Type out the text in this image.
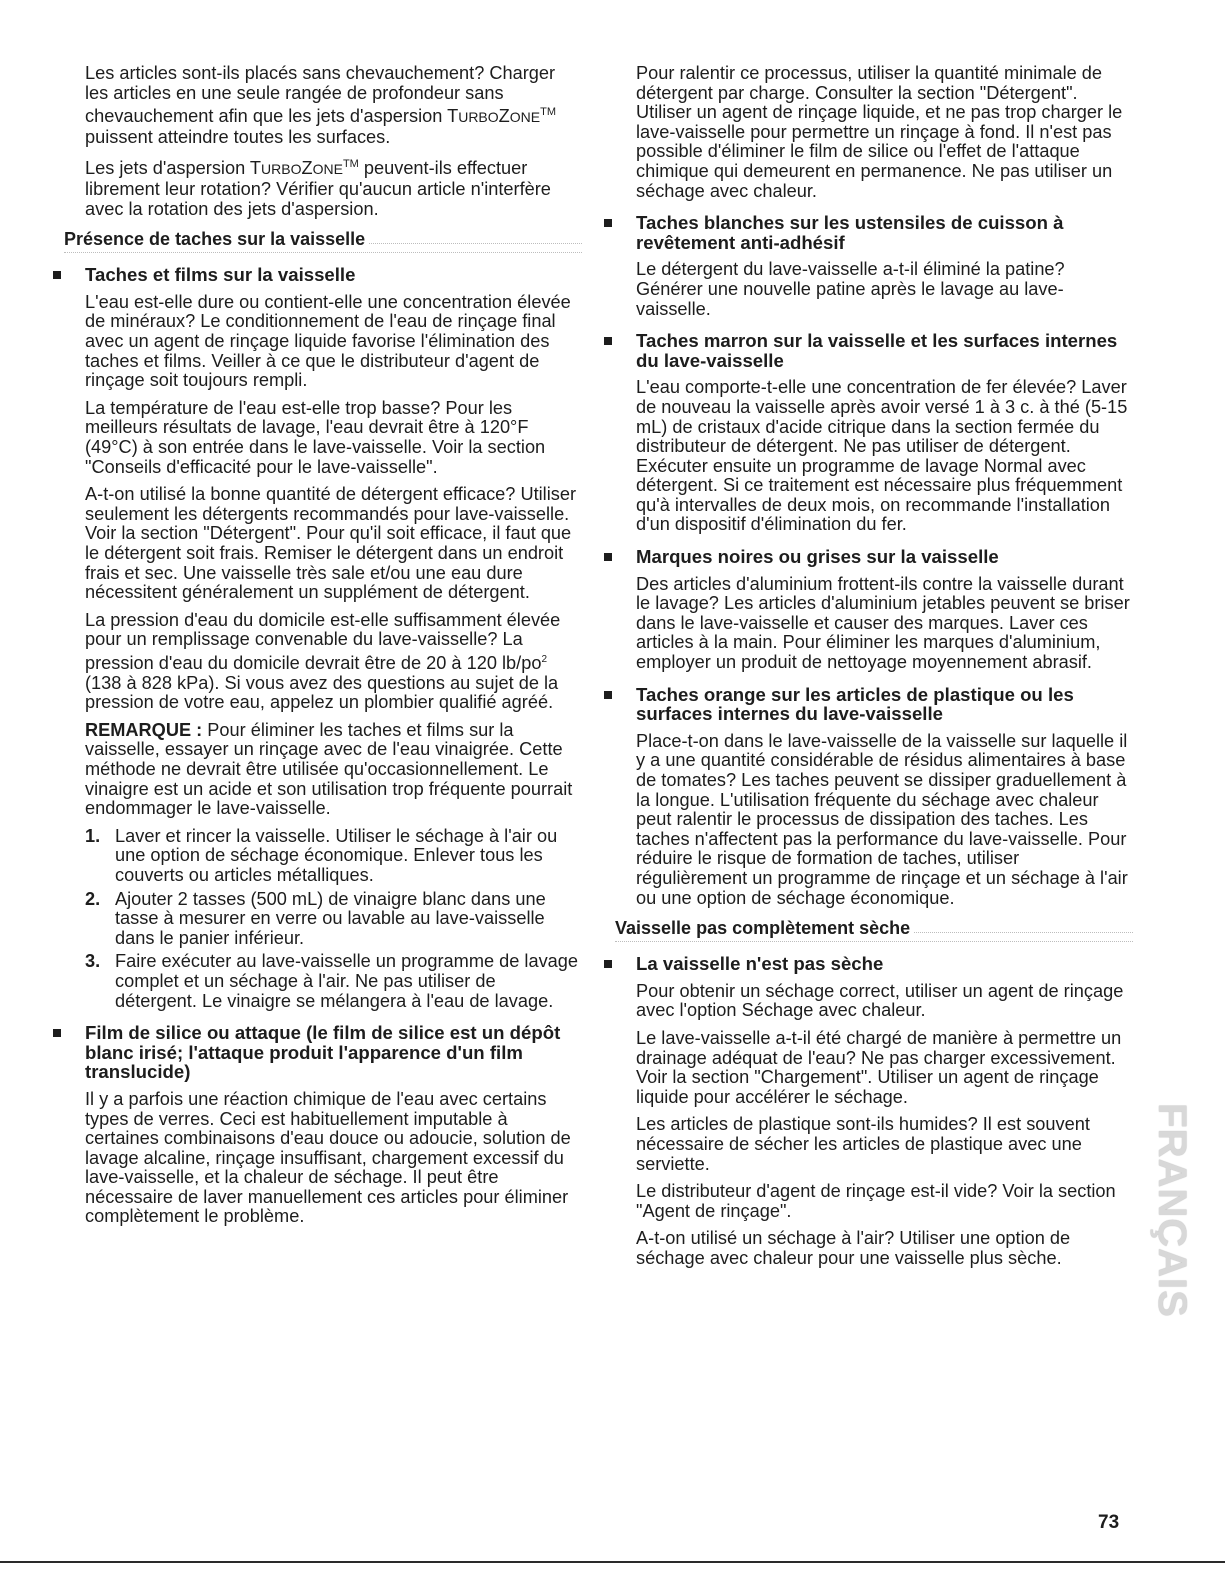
Les articles sont-ils placés sans chevauchement? Charger les articles en une seule rangée de profondeur sans chevauchement afin que les jets d'aspersion TURBOZONE™ puissent atteindre toutes les surfaces.

Les jets d'aspersion TURBOZONE™ peuvent-ils effectuer librement leur rotation? Vérifier qu'aucun article n'interfère avec la rotation des jets d'aspersion.

Présence de taches sur la vaisselle
Taches et films sur la vaisselle

L'eau est-elle dure ou contient-elle une concentration élevée de minéraux? Le conditionnement de l'eau de rinçage final avec un agent de rinçage liquide favorise l'élimination des taches et films. Veiller à ce que le distributeur d'agent de rinçage soit toujours rempli.

La température de l'eau est-elle trop basse? Pour les meilleurs résultats de lavage, l'eau devrait être à 120°F (49°C) à son entrée dans le lave-vaisselle. Voir la section "Conseils d'efficacité pour le lave-vaisselle".

A-t-on utilisé la bonne quantité de détergent efficace? Utiliser seulement les détergents recommandés pour lave-vaisselle. Voir la section "Détergent". Pour qu'il soit efficace, il faut que le détergent soit frais. Remiser le détergent dans un endroit frais et sec. Une vaisselle très sale et/ou une eau dure nécessitent généralement un supplément de détergent.

La pression d'eau du domicile est-elle suffisamment élevée pour un remplissage convenable du lave-vaisselle? La pression d'eau du domicile devrait être de 20 à 120 $lb/po^2$ (138 à 828 kPa). Si vous avez des questions au sujet de la pression de votre eau, appelez un plombier qualifié agréé.

REMARQUE : Pour éliminer les taches et films sur la vaisselle, essayer un rinçage avec de l'eau vinaigrée. Cette méthode ne devrait être utilisée qu'occasionnellement. Le vinaigre est un acide et son utilisation trop fréquente pourrait endommager le lave-vaisselle.

1. Laver et rincer la vaisselle. Utiliser le séchage à l'air ou une option de séchage économique. Enlever tous les couverts ou articles métalliques.
2. Ajouter 2 tasses (500 mL) de vinaigre blanc dans une tasse à mesurer en verre ou lavable au lave-vaisselle dans le panier inférieur.
3. Faire exécuter au lave-vaisselle un programme de lavage complet et un séchage à l'air. Ne pas utiliser de détergent. Le vinaigre se mélangera à l'eau de lavage.
Film de silice ou attaque (le film de silice est un dépôt blanc irisé; l'attaque produit l'apparence d'un film translucide)

Il y a parfois une réaction chimique de l'eau avec certains types de verres. Ceci est habituellement imputable à certaines combinaisons d'eau douce ou adoucie, solution de lavage alcaline, rinçage insuffisant, chargement excessif du lave-vaisselle, et la chaleur de séchage. Il peut être nécessaire de laver manuellement ces articles pour éliminer complètement le problème.

Pour ralentir ce processus, utiliser la quantité minimale de détergent par charge. Consulter la section "Détergent". Utiliser un agent de rinçage liquide, et ne pas trop charger le lave-vaisselle pour permettre un rinçage à fond. Il n'est pas possible d'éliminer le film de silice ou l'effet de l'attaque chimique qui demeurent en permanence. Ne pas utiliser un séchage avec chaleur.

Taches blanches sur les ustensiles de cuisson à revêtement anti-adhésif

Le détergent du lave-vaisselle a-t-il éliminé la patine? Générer une nouvelle patine après le lavage au lave-vaisselle.

Taches marron sur la vaisselle et les surfaces internes du lave-vaisselle

L'eau comporte-t-elle une concentration de fer élevée? Laver de nouveau la vaisselle après avoir versé 1 à 3 c. à thé (5-15 mL) de cristaux d'acide citrique dans la section fermée du distributeur de détergent. Ne pas utiliser de détergent. Exécuter ensuite un programme de lavage Normal avec détergent. Si ce traitement est nécessaire plus fréquemment qu'à intervalles de deux mois, on recommande l'installation d'un dispositif d'élimination du fer.

Marques noires ou grises sur la vaisselle

Des articles d'aluminium frottent-ils contre la vaisselle durant le lavage? Les articles d'aluminium jetables peuvent se briser dans le lave-vaisselle et causer des marques. Laver ces articles à la main. Pour éliminer les marques d'aluminium, employer un produit de nettoyage moyennement abrasif.

Taches orange sur les articles de plastique ou les surfaces internes du lave-vaisselle

Place-t-on dans le lave-vaisselle de la vaisselle sur laquelle il y a une quantité considérable de résidus alimentaires à base de tomates? Les taches peuvent se dissiper graduellement à la longue. L'utilisation fréquente du séchage avec chaleur peut ralentir le processus de dissipation des taches. Les taches n'affectent pas la performance du lave-vaisselle. Pour réduire le risque de formation de taches, utiliser régulièrement un programme de rinçage et un séchage à l'air ou une option de séchage économique.

Vaisselle pas complètement sèche
La vaisselle n'est pas sèche

Pour obtenir un séchage correct, utiliser un agent de rinçage avec l'option Séchage avec chaleur.

Le lave-vaisselle a-t-il été chargé de manière à permettre un drainage adéquat de l'eau? Ne pas charger excessivement. Voir la section "Chargement". Utiliser un agent de rinçage liquide pour accélérer le séchage.

Les articles de plastique sont-ils humides? Il est souvent nécessaire de sécher les articles de plastique avec une serviette.

Le distributeur d'agent de rinçage est-il vide? Voir la section "Agent de rinçage".

A-t-on utilisé un séchage à l'air? Utiliser une option de séchage avec chaleur pour une vaisselle plus sèche.	FRANÇAIS
73
